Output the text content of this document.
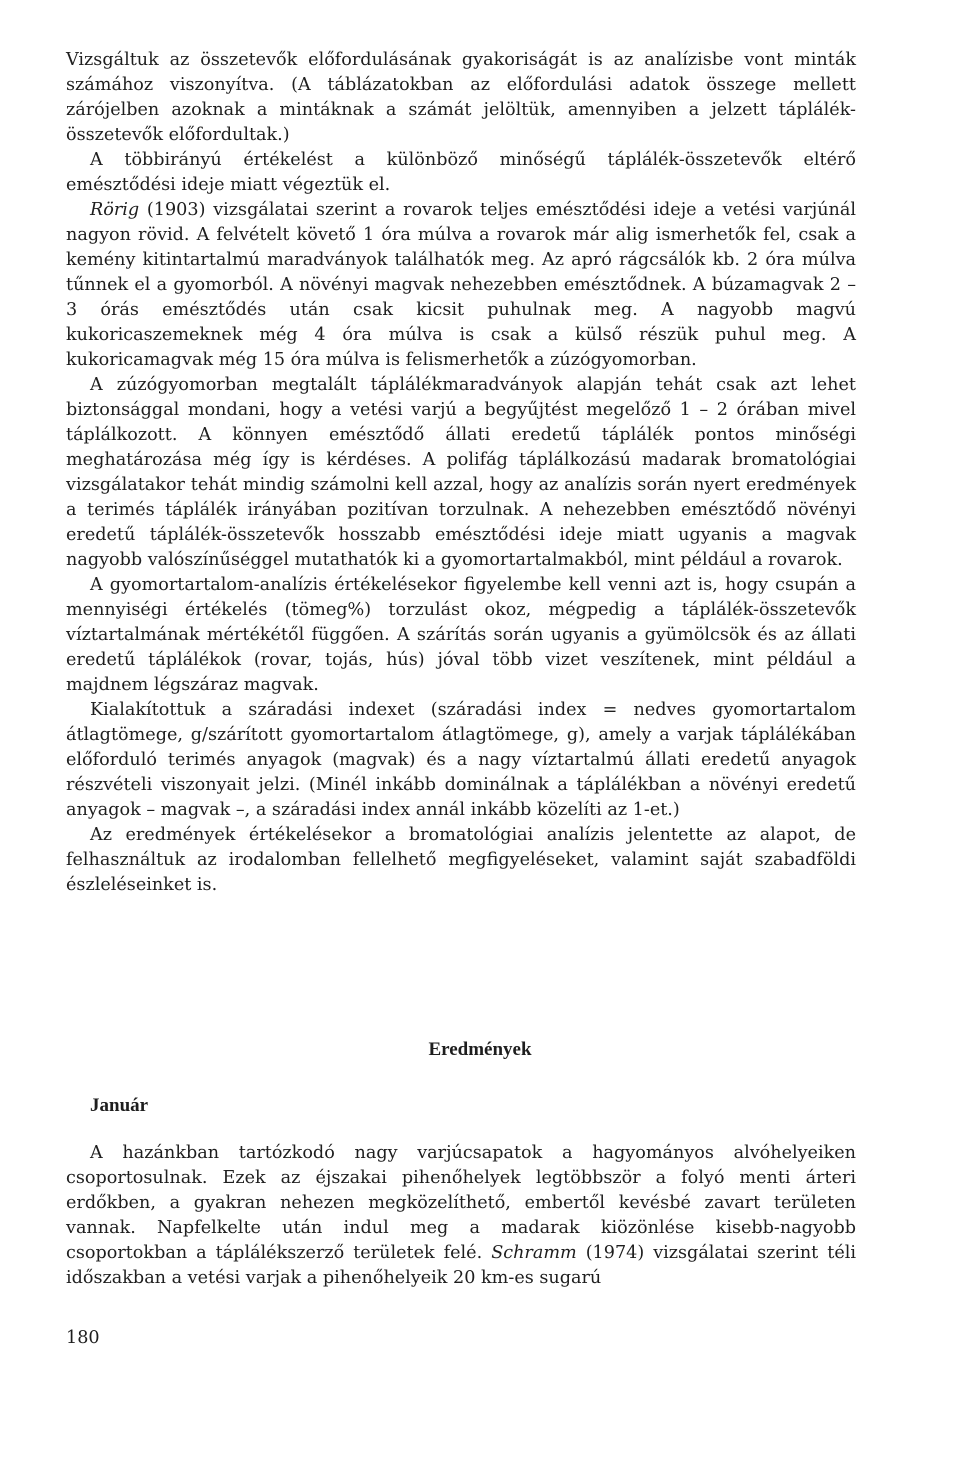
Vizsgáltuk az összetevők előfordulásának gyakoriságát is az analízisbe vont minták számához viszonyítva. (A táblázatokban az előfordulási adatok összege mellett zárójelben azoknak a mintáknak a számát jelöltük, amennyiben a jelzett táplálék-összetevők előfordultak.)

A többirányú értékelést a különböző minőségű táplálék-összetevők eltérő emésztődési ideje miatt végeztük el.

Rörig (1903) vizsgálatai szerint a rovarok teljes emésztődési ideje a vetési varjúnál nagyon rövid. A felvételt követő 1 óra múlva a rovarok már alig ismerhetők fel, csak a kemény kitintartalmú maradványok találhatók meg. Az apró rágcsálók kb. 2 óra múlva tűnnek el a gyomorból. A növényi magvak nehezebben emésztődnek. A búzamagvak 2 – 3 órás emésztődés után csak kicsit puhulnak meg. A nagyobb magvú kukoricaszemeknek még 4 óra múlva is csak a külső részük puhul meg. A kukoricamagvak még 15 óra múlva is felismerhetők a zúzógyomorban.

A zúzógyomorban megtalált táplálékmaradványok alapján tehát csak azt lehet biztonsággal mondani, hogy a vetési varjú a begyűjtést megelőző 1 – 2 órában mivel táplálkozott. A könnyen emésztődő állati eredetű táplálék pontos minőségi meghatározása még így is kérdéses. A polifág táplálkozású madarak bromatológiai vizsgálatakor tehát mindig számolni kell azzal, hogy az analízis során nyert eredmények a terimés táplálék irányában pozitívan torzulnak. A nehezebben emésztődő növényi eredetű táplálék-összetevők hosszabb emésztődési ideje miatt ugyanis a magvak nagyobb valószínűséggel mutathatók ki a gyomortartalmakból, mint például a rovarok.

A gyomortartalom-analízis értékelésekor figyelembe kell venni azt is, hogy csupán a mennyiségi értékelés (tömeg%) torzulást okoz, mégpedig a táplálék-összetevők víztartalmának mértékétől függően. A szárítás során ugyanis a gyümölcsök és az állati eredetű táplálékok (rovar, tojás, hús) jóval több vizet veszítenek, mint például a majdnem légszáraz magvak.

Kialakítottuk a száradási indexet (száradási index = nedves gyomortartalom átlagtömege, g/szárított gyomortartalom átlagtömege, g), amely a varjak táplálékában előforduló terimés anyagok (magvak) és a nagy víztartalmú állati eredetű anyagok részvételi viszonyait jelzi. (Minél inkább dominálnak a táplálékban a növényi eredetű anyagok – magvak –, a száradási index annál inkább közelíti az 1-et.)

Az eredmények értékelésekor a bromatológiai analízis jelentette az alapot, de felhasználtuk az irodalomban fellelhető megfigyeléseket, valamint saját szabadföldi észleléseinket is.

Eredmények
Január

A hazánkban tartózkodó nagy varjúcsapatok a hagyományos alvóhelyeiken csoportosulnak. Ezek az éjszakai pihenőhelyek legtöbbször a folyó menti árteri erdőkben, a gyakran nehezen megközelíthető, embertől kevésbé zavart területen vannak. Napfelkelte után indul meg a madarak kiözönlése kisebb-nagyobb csoportokban a táplálékszerző területek felé. Schramm (1974) vizsgálatai szerint téli időszakban a vetési varjak a pihenőhelyeik 20 km-es sugarú

180
